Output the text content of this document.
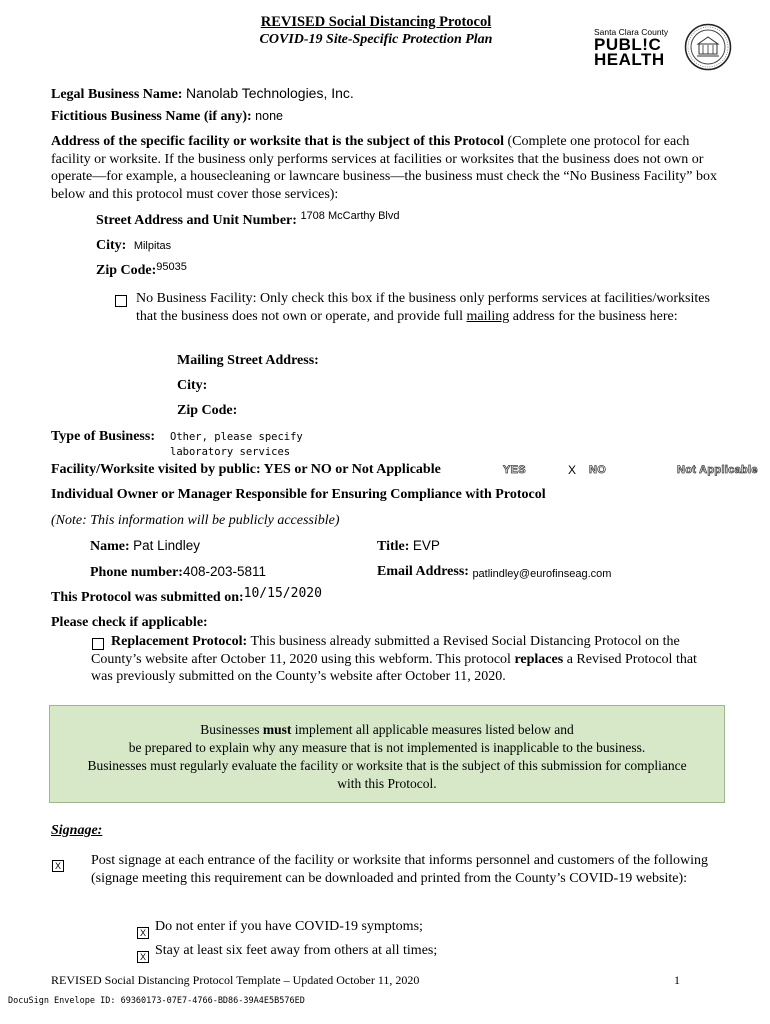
REVISED Social Distancing Protocol
COVID-19 Site-Specific Protection Plan	Santa Clara County
PUBL!C
HEALTH
Legal Business Name: Nanolab Technologies, Inc.
Fictitious Business Name (if any): none
Address of the specific facility or worksite that is the subject of this Protocol (Complete one protocol for each facility or worksite. If the business only performs services at facilities or worksites that the business does not own or operate—for example, a housecleaning or lawncare business—the business must check the “No Business Facility” box below and this protocol must cover those services):
Street Address and Unit Number: $^{1708 McCarthy Blvd}$
City: Milpitas
Zip Code:$^{95035}$
No Business Facility: Only check this box if the business only performs services at facilities/worksites that the business does not own or operate, and provide full mailing address for the business here:
Mailing Street Address:
City:
Zip Code:
Type of Business: Other, please specify
laboratory services
Facility/Worksite visited by public: YES or NO or Not Applicable	YES	X NO	Not Applicable
Individual Owner or Manager Responsible for Ensuring Compliance with Protocol
(Note: This information will be publicly accessible)
Name: Pat Lindley	Title: EVP
Phone number:408-203-5811	Email Address: patlindley@eurofinseag.com
This Protocol was submitted on:10/15/2020
Please check if applicable:
Replacement Protocol: This business already submitted a Revised Social Distancing Protocol on the County’s website after October 11, 2020 using this webform. This protocol replaces a Revised Protocol that was previously submitted on the County’s website after October 11, 2020.
Businesses must implement all applicable measures listed below and
be prepared to explain why any measure that is not implemented is inapplicable to the business.
Businesses must regularly evaluate the facility or worksite that is the subject of this submission for compliance
with this Protocol.
Signage:
X Post signage at each entrance of the facility or worksite that informs personnel and customers of the following (signage meeting this requirement can be downloaded and printed from the County’s COVID-19 website):
X Do not enter if you have COVID-19 symptoms;
X Stay at least six feet away from others at all times;
REVISED Social Distancing Protocol Template – Updated October 11, 2020	1
DocuSign Envelope ID: 69360173-07E7-4766-BD86-39A4E5B576ED
